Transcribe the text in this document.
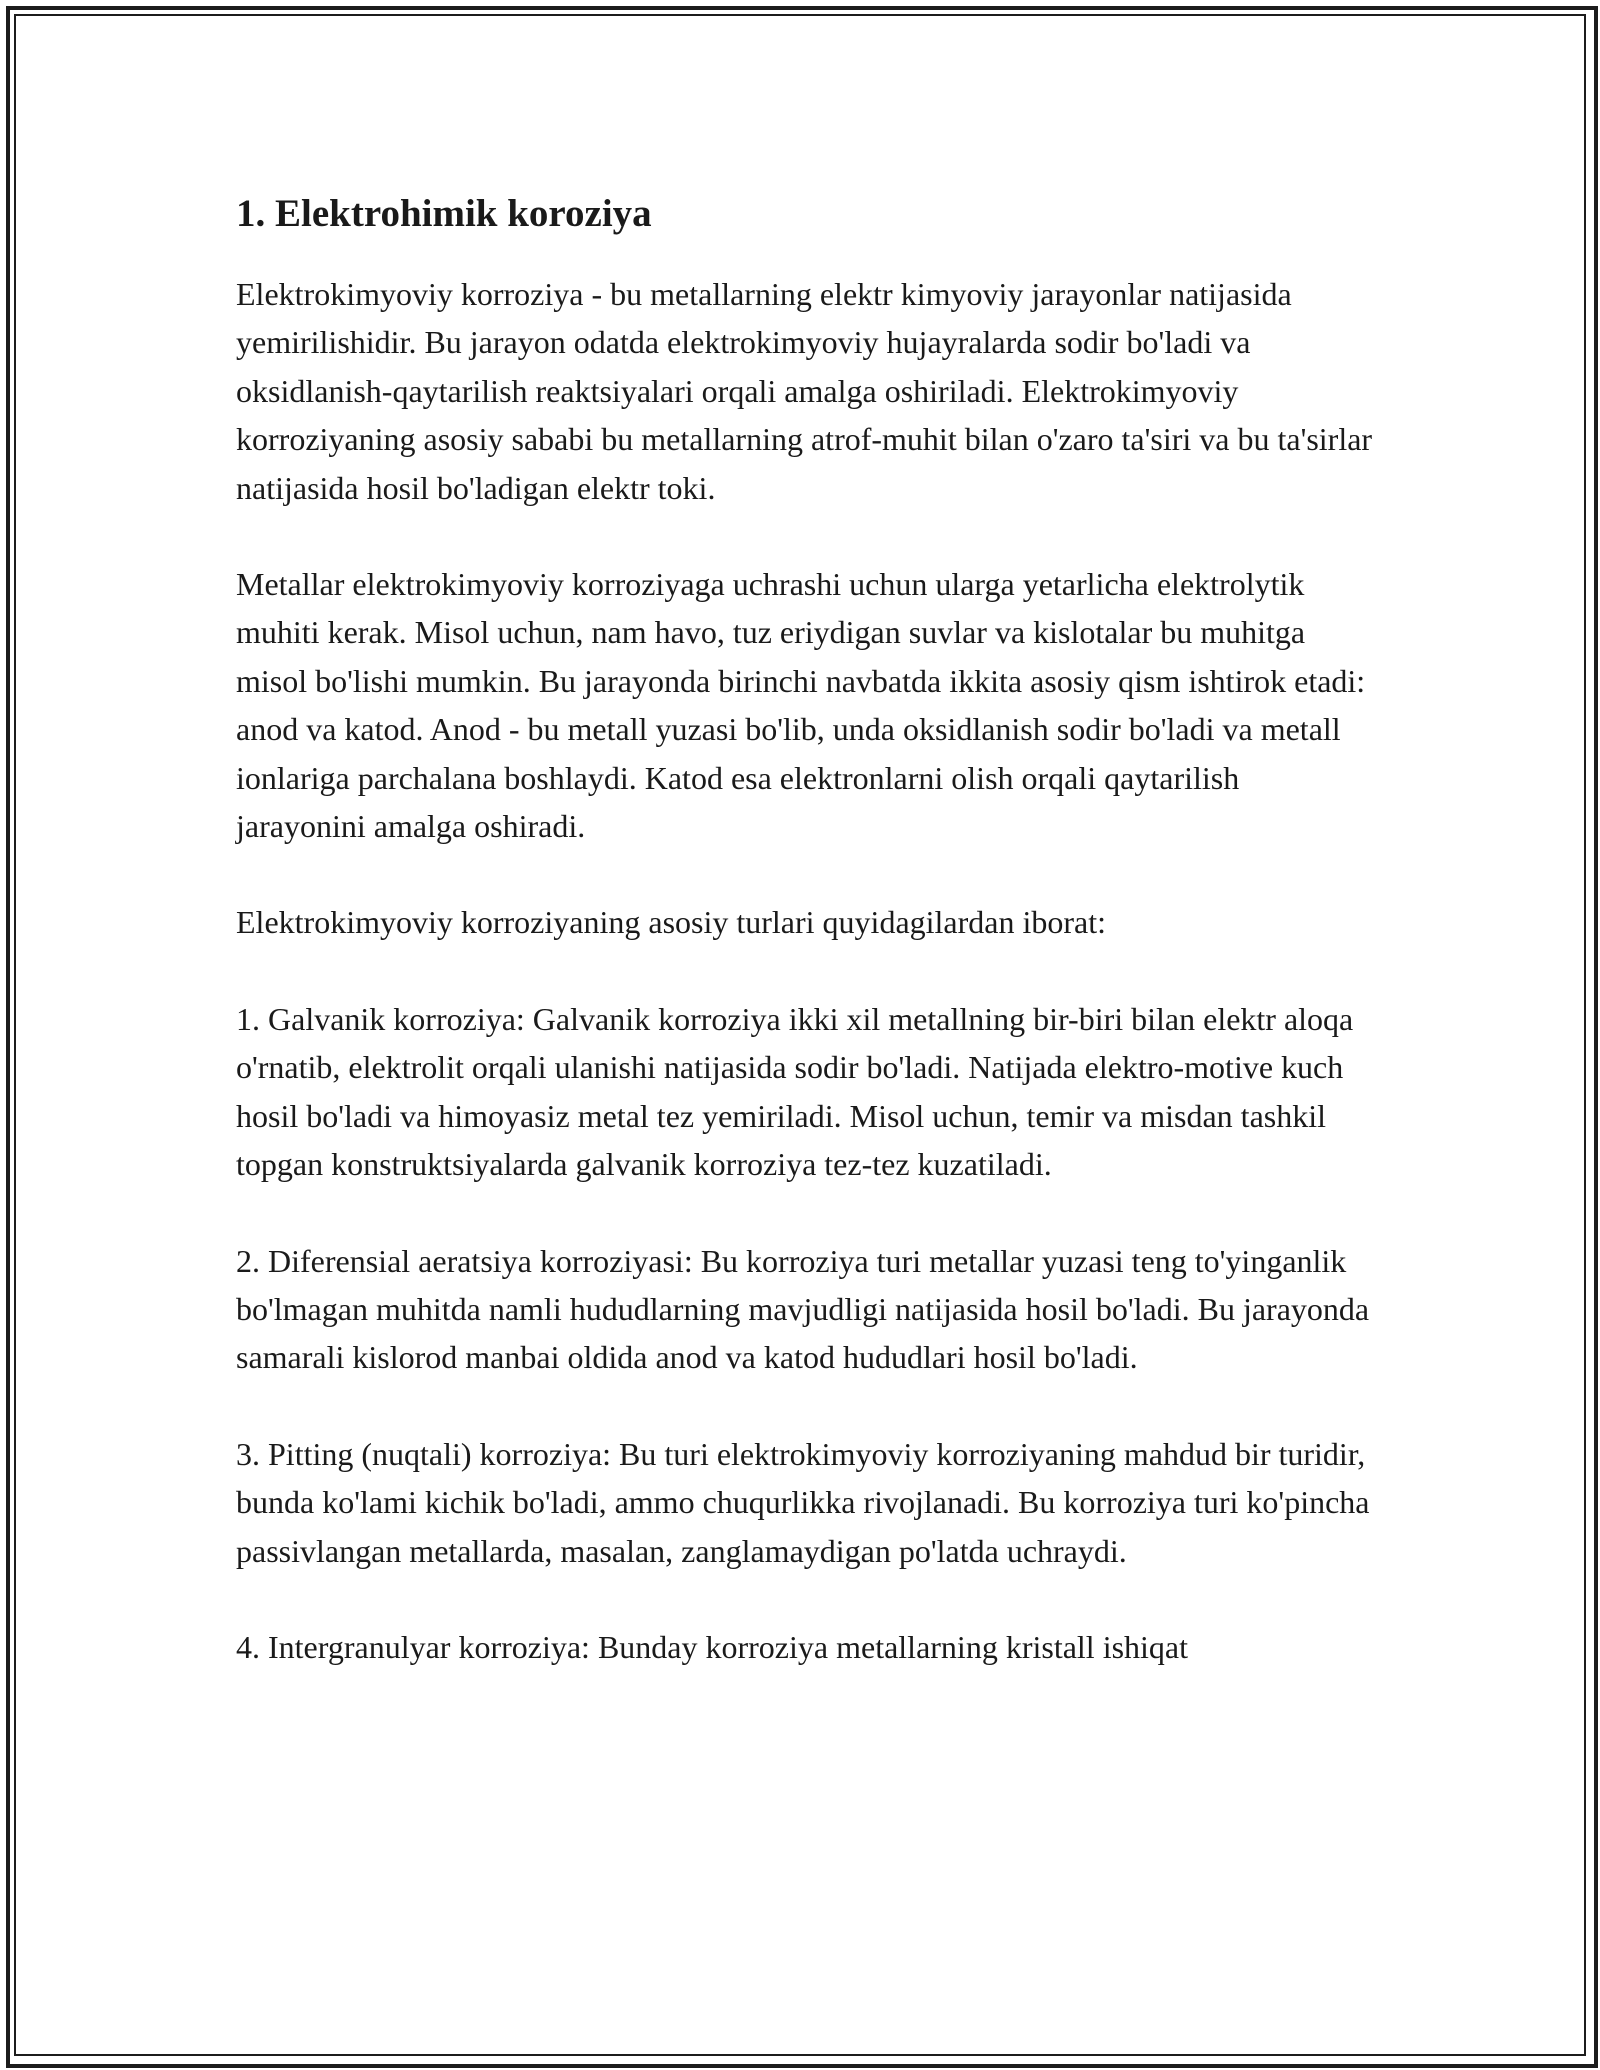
1. Elektrohimik koroziya

Elektrokimyoviy korroziya - bu metallarning elektr kimyoviy jarayonlar natijasida yemirilishidir. Bu jarayon odatda elektrokimyoviy hujayralarda sodir bo'ladi va oksidlanish-qaytarilish reaktsiyalari orqali amalga oshiriladi. Elektrokimyoviy korroziyaning asosiy sababi bu metallarning atrof-muhit bilan o'zaro ta'siri va bu ta'sirlar natijasida hosil bo'ladigan elektr toki.

Metallar elektrokimyoviy korroziyaga uchrashi uchun ularga yetarlicha elektrolytik muhiti kerak. Misol uchun, nam havo, tuz eriydigan suvlar va kislotalar bu muhitga misol bo'lishi mumkin. Bu jarayonda birinchi navbatda ikkita asosiy qism ishtirok etadi: anod va katod. Anod - bu metall yuzasi bo'lib, unda oksidlanish sodir bo'ladi va metall ionlariga parchalana boshlaydi. Katod esa elektronlarni olish orqali qaytarilish jarayonini amalga oshiradi.

Elektrokimyoviy korroziyaning asosiy turlari quyidagilardan iborat:

1. Galvanik korroziya: Galvanik korroziya ikki xil metallning bir-biri bilan elektr aloqa o'rnatib, elektrolit orqali ulanishi natijasida sodir bo'ladi. Natijada elektro-motive kuch hosil bo'ladi va himoyasiz metal tez yemiriladi. Misol uchun, temir va misdan tashkil topgan konstruktsiyalarda galvanik korroziya tez-tez kuzatiladi.

2. Diferensial aeratsiya korroziyasi: Bu korroziya turi metallar yuzasi teng to'yinganlik bo'lmagan muhitda namli hududlarning mavjudligi natijasida hosil bo'ladi. Bu jarayonda samarali kislorod manbai oldida anod va katod hududlari hosil bo'ladi.

3. Pitting (nuqtali) korroziya: Bu turi elektrokimyoviy korroziyaning mahdud bir turidir, bunda ko'lami kichik bo'ladi, ammo chuqurlikka rivojlanadi. Bu korroziya turi ko'pincha passivlangan metallarda, masalan, zanglamaydigan po'latda uchraydi.

4. Intergranulyar korroziya: Bunday korroziya metallarning kristall ishiqat
